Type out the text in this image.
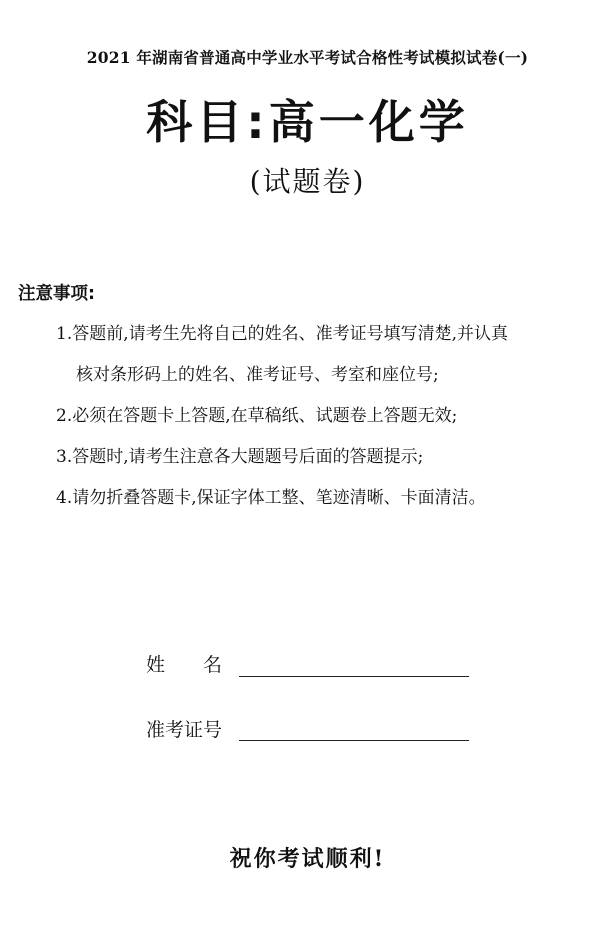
2021 年湖南省普通高中学业水平考试合格性考试模拟试卷(一)
科目:高一化学
(试题卷)
注意事项:
1.答题前,请考生先将自己的姓名、准考证号填写清楚,并认真
核对条形码上的姓名、准考证号、考室和座位号;
2.必须在答题卡上答题,在草稿纸、试题卷上答题无效;
3.答题时,请考生注意各大题题号后面的答题提示;
4.请勿折叠答题卡,保证字体工整、笔迹清晰、卡面清洁。
姓　　名
准考证号
祝你考试顺利!
